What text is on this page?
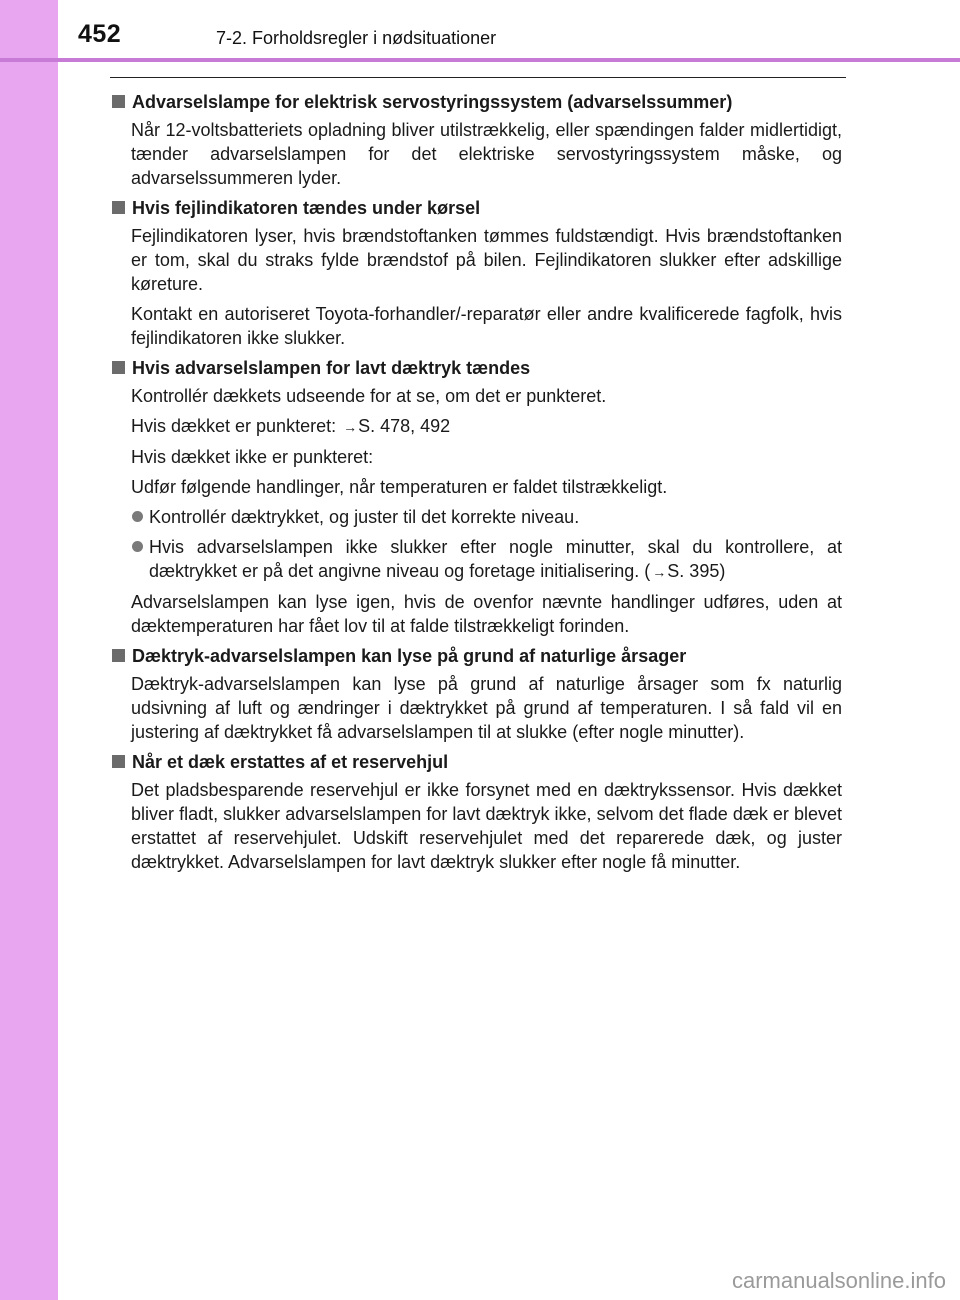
452	7-2. Forholdsregler i nødsituationer
Advarselslampe for elektrisk servostyringssystem (advarselssummer)

Når 12-voltsbatteriets opladning bliver utilstrækkelig, eller spændingen falder midlertidigt, tænder advarselslampen for det elektriske servostyringssystem måske, og advarselssummeren lyder.

Hvis fejlindikatoren tændes under kørsel

Fejlindikatoren lyser, hvis brændstoftanken tømmes fuldstændigt. Hvis brændstoftanken er tom, skal du straks fylde brændstof på bilen. Fejlindikatoren slukker efter adskillige køreture.

Kontakt en autoriseret Toyota-forhandler/-reparatør eller andre kvalificerede fagfolk, hvis fejlindikatoren ikke slukker.

Hvis advarselslampen for lavt dæktryk tændes

Kontrollér dækkets udseende for at se, om det er punkteret.

Hvis dækket er punkteret: →S. 478, 492

Hvis dækket ikke er punkteret:

Udfør følgende handlinger, når temperaturen er faldet tilstrækkeligt.

Kontrollér dæktrykket, og juster til det korrekte niveau.
Hvis advarselslampen ikke slukker efter nogle minutter, skal du kontrollere, at dæktrykket er på det angivne niveau og foretage initialisering. ( →S. 395)

Advarselslampen kan lyse igen, hvis de ovenfor nævnte handlinger udføres, uden at dæktemperaturen har fået lov til at falde tilstrækkeligt forinden.

Dæktryk-advarselslampen kan lyse på grund af naturlige årsager

Dæktryk-advarselslampen kan lyse på grund af naturlige årsager som fx naturlig udsivning af luft og ændringer i dæktrykket på grund af temperaturen. I så fald vil en justering af dæktrykket få advarselslampen til at slukke (efter nogle minutter).

Når et dæk erstattes af et reservehjul

Det pladsbesparende reservehjul er ikke forsynet med en dæktrykssensor. Hvis dækket bliver fladt, slukker advarselslampen for lavt dæktryk ikke, selvom det flade dæk er blevet erstattet af reservehjulet. Udskift reservehjulet med det reparerede dæk, og juster dæktrykket. Advarselslampen for lavt dæktryk slukker efter nogle få minutter.

carmanualsonline.info
